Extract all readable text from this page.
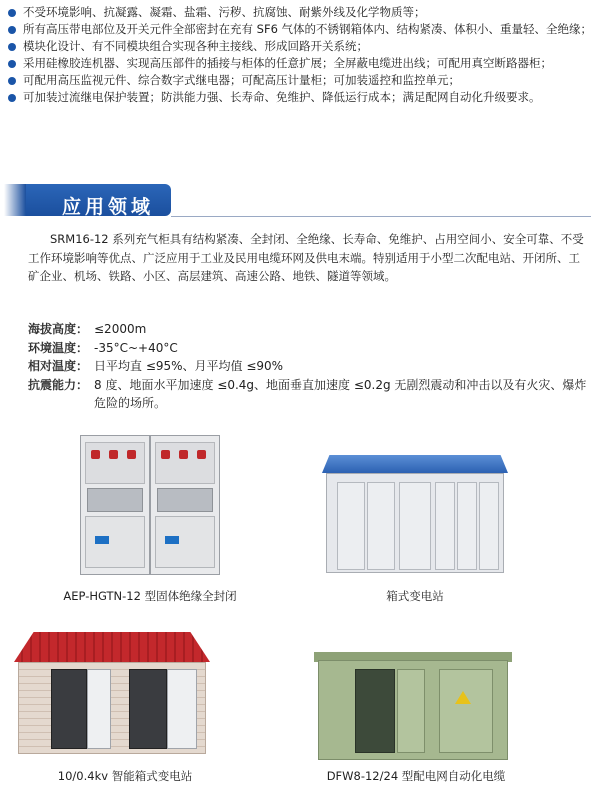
不受环境影响、抗凝露、凝霜、盐霜、污秽、抗腐蚀、耐紫外线及化学物质等；
所有高压带电部位及开关元件全部密封在充有 SF6 气体的不锈钢箱体内、结构紧凑、体积小、重量轻、全绝缘；
模块化设计、有不同模块组合实现各种主接线、形成回路开关系统；
采用硅橡胶连机器、实现高压部件的插接与柜体的任意扩展；全屏蔽电缆进出线；可配用真空断路器柜；
可配用高压监视元件、综合数字式继电器；可配高压计量柜；可加装遥控和监控单元；
可加装过流继电保护装置；防洪能力强、长寿命、免维护、降低运行成本；满足配网自动化升级要求。
应用领域

SRM16-12 系列充气柜具有结构紧凑、全封闭、全绝缘、长寿命、免维护、占用空间小、安全可靠、不受工作环境影响等优点、广泛应用于工业及民用电缆环网及供电末端。特别适用于小型二次配电站、开闭所、工矿企业、机场、铁路、小区、高层建筑、高速公路、地铁、隧道等领域。

海拔高度： ≤2000m
环境温度： -35°C~+40°C
相对温度： 日平均直 ≤95%、月平均值 ≤90%
抗震能力： 8 度、地面水平加速度 ≤0.4g、地面垂直加速度 ≤0.2g 无剧烈震动和冲击以及有火灾、爆炸危险的场所。
AEP-HGTN-12 型固体绝缘全封闭	箱式变电站
10/0.4kv 智能箱式变电站	DFW8-12/24 型配电网自动化电缆
